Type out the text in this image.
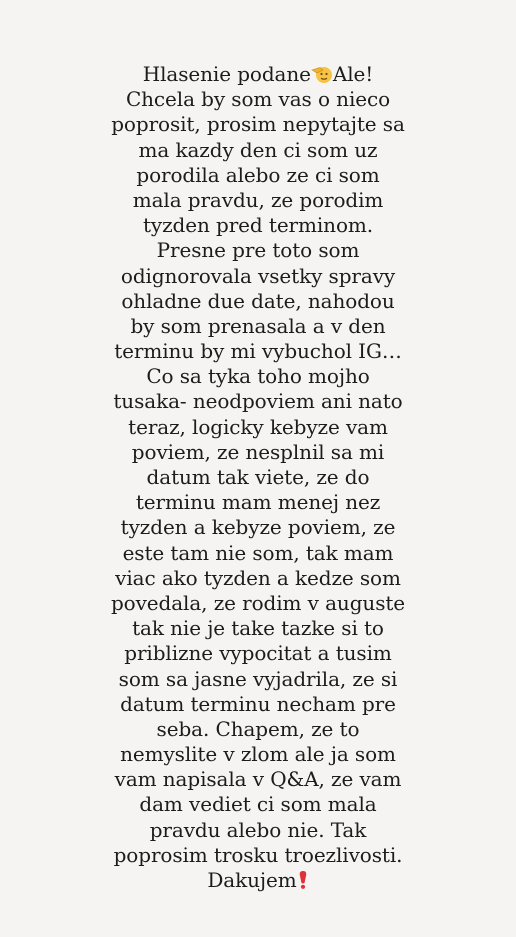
Hlasenie podane Ale!
Chcela by som vas o nieco
poprosit, prosim nepytajte sa
ma kazdy den ci som uz
porodila alebo ze ci som
mala pravdu, ze porodim
tyzden pred terminom.
Presne pre toto som
odignorovala vsetky spravy
ohladne due date, nahodou
by som prenasala a v den
terminu by mi vybuchol IG…
Co sa tyka toho mojho
tusaka- neodpoviem ani nato
teraz, logicky kebyze vam
poviem, ze nesplnil sa mi
datum tak viete, ze do
terminu mam menej nez
tyzden a kebyze poviem, ze
este tam nie som, tak mam
viac ako tyzden a kedze som
povedala, ze rodim v auguste
tak nie je take tazke si to
priblizne vypocitat a tusim
som sa jasne vyjadrila, ze si
datum terminu necham pre
seba. Chapem, ze to
nemyslite v zlom ale ja som
vam napisala v Q&A, ze vam
dam vediet ci som mala
pravdu alebo nie. Tak
poprosim trosku troezlivosti.
Dakujem
